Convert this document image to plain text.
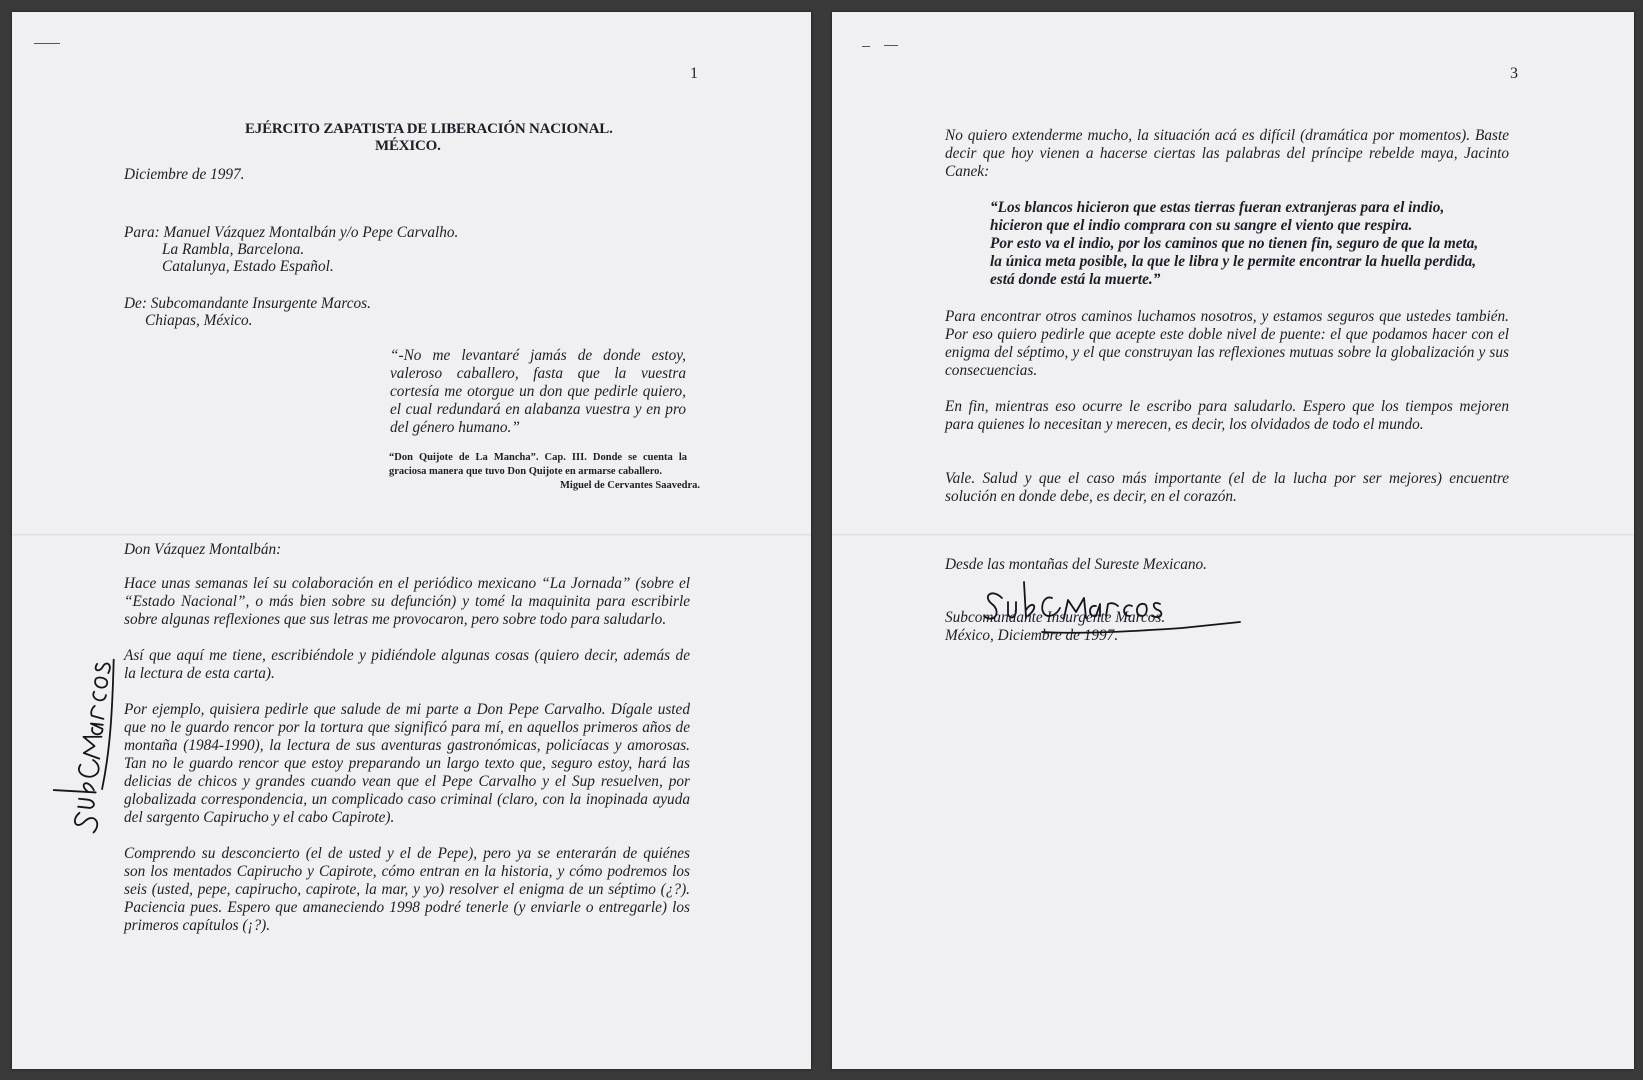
1

EJÉRCITO ZAPATISTA DE LIBERACIÓN NACIONAL.

MÉXICO.

Diciembre de 1997.

Para: Manuel Vázquez Montalbán y/o Pepe Carvalho.

La Rambla, Barcelona.

Catalunya, Estado Español.

De: Subcomandante Insurgente Marcos.

Chiapas, México.

“-No me levantaré jamás de donde estoy,

valeroso caballero, fasta que la vuestra

cortesía me otorgue un don que pedirle quiero,

el cual redundará en alabanza vuestra y en pro

del género humano.”

“Don Quijote de La Mancha”. Cap. III. Donde se cuenta la

graciosa manera que tuvo Don Quijote en armarse caballero.

Miguel de Cervantes Saavedra.

Don Vázquez Montalbán:

Hace unas semanas leí su colaboración en el periódico mexicano “La Jornada” (sobre el

“Estado Nacional”, o más bien sobre su defunción) y tomé la maquinita para escribirle

sobre algunas reflexiones que sus letras me provocaron, pero sobre todo para saludarlo.

Así que aquí me tiene, escribiéndole y pidiéndole algunas cosas (quiero decir, además de

la lectura de esta carta).

Por ejemplo, quisiera pedirle que salude de mi parte a Don Pepe Carvalho. Dígale usted

que no le guardo rencor por la tortura que significó para mí, en aquellos primeros años de

montaña (1984-1990), la lectura de sus aventuras gastronómicas, policíacas y amorosas.

Tan no le guardo rencor que estoy preparando un largo texto que, seguro estoy, hará las

delicias de chicos y grandes cuando vean que el Pepe Carvalho y el Sup resuelven, por

globalizada correspondencia, un complicado caso criminal (claro, con la inopinada ayuda

del sargento Capirucho y el cabo Capirote).

Comprendo su desconcierto (el de usted y el de Pepe), pero ya se enterarán de quiénes

son los mentados Capirucho y Capirote, cómo entran en la historia, y cómo podremos los

seis (usted, pepe, capirucho, capirote, la mar, y yo) resolver el enigma de un séptimo (¿?).

Paciencia pues. Espero que amaneciendo 1998 podré tenerle (y enviarle o entregarle) los

primeros capítulos (¡?).

3

No quiero extenderme mucho, la situación acá es difícil (dramática por momentos). Baste

decir que hoy vienen a hacerse ciertas las palabras del príncipe rebelde maya, Jacinto

Canek:

“Los blancos hicieron que estas tierras fueran extranjeras para el indio,

hicieron que el indio comprara con su sangre el viento que respira.

Por esto va el indio, por los caminos que no tienen fin, seguro de que la meta,

la única meta posible, la que le libra y le permite encontrar la huella perdida,

está donde está la muerte.”

Para encontrar otros caminos luchamos nosotros, y estamos seguros que ustedes también.

Por eso quiero pedirle que acepte este doble nivel de puente: el que podamos hacer con el

enigma del séptimo, y el que construyan las reflexiones mutuas sobre la globalización y sus

consecuencias.

En fin, mientras eso ocurre le escribo para saludarlo. Espero que los tiempos mejoren

para quienes lo necesitan y merecen, es decir, los olvidados de todo el mundo.

Vale. Salud y que el caso más importante (el de la lucha por ser mejores) encuentre

solución en donde debe, es decir, en el corazón.

Desde las montañas del Sureste Mexicano.

Subcomandante Insurgente Marcos.

México, Diciembre de 1997.
